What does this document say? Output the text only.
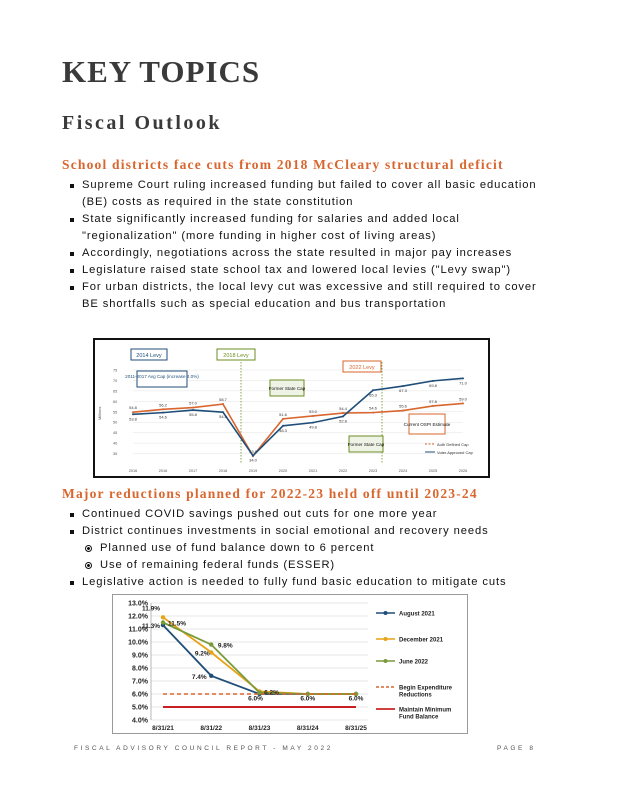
KEY TOPICS
Fiscal Outlook
School districts face cuts from 2018 McCleary structural deficit
Supreme Court ruling increased funding but failed to cover all basic education (BE) costs as required in the state constitution
State significantly increased funding for salaries and added local "regionalization" (more funding in higher cost of living areas)
Accordingly, negotiations across the state resulted in major pay increases
Legislature raised state school tax and lowered local levies ("Levy swap")
For urban districts, the local levy cut was excessive and still required to cover BE shortfalls such as special education and bus transportation
35
40
45
50
55
60
65
70
75
2016	2016	2017	2018	2019	2020	2021	2022	2023	2024	2025	2026
2014 Levy	2018 Levy
2022 Levy
2011-2017 Avg Cap (increase 4.0%)
Former State Cap
Former State Cap
Current OSPI Estimate
Millions
Auth Defined Cap
Voter Approved Cap
54.8
56.2	57.0
58.7
33.8
51.6
53.0
54.4	54.6	55.6
57.8
59.0
53.8	54.6
55.8	54.8
34.0
48.3
49.8
52.8
65.3
67.3
69.8
71.0
Major reductions planned for 2022-23 held off until 2023-24
Continued COVID savings pushed out cuts for one more year
District continues investments in social emotional and recovery needs
Planned use of fund balance down to 6 percent
Use of remaining federal funds (ESSER)
Legislative action is needed to fully fund basic education to mitigate cuts
13.0%
12.0%
11.0%
10.0%
9.0%
8.0%
7.0%
6.0%
5.0%
4.0%
8/31/21	8/31/22	8/31/23	8/31/24	8/31/25
11.9%
11.3% 11.5%
9.2%
9.8%
7.4%
6.2%
6.0%	6.0%	6.0%
August 2021
December 2021
June 2022
Begin Expenditure
Reductions
Maintain Minimum
Fund Balance
FISCAL ADVISORY COUNCIL REPORT - MAY 2022	PAGE 8
